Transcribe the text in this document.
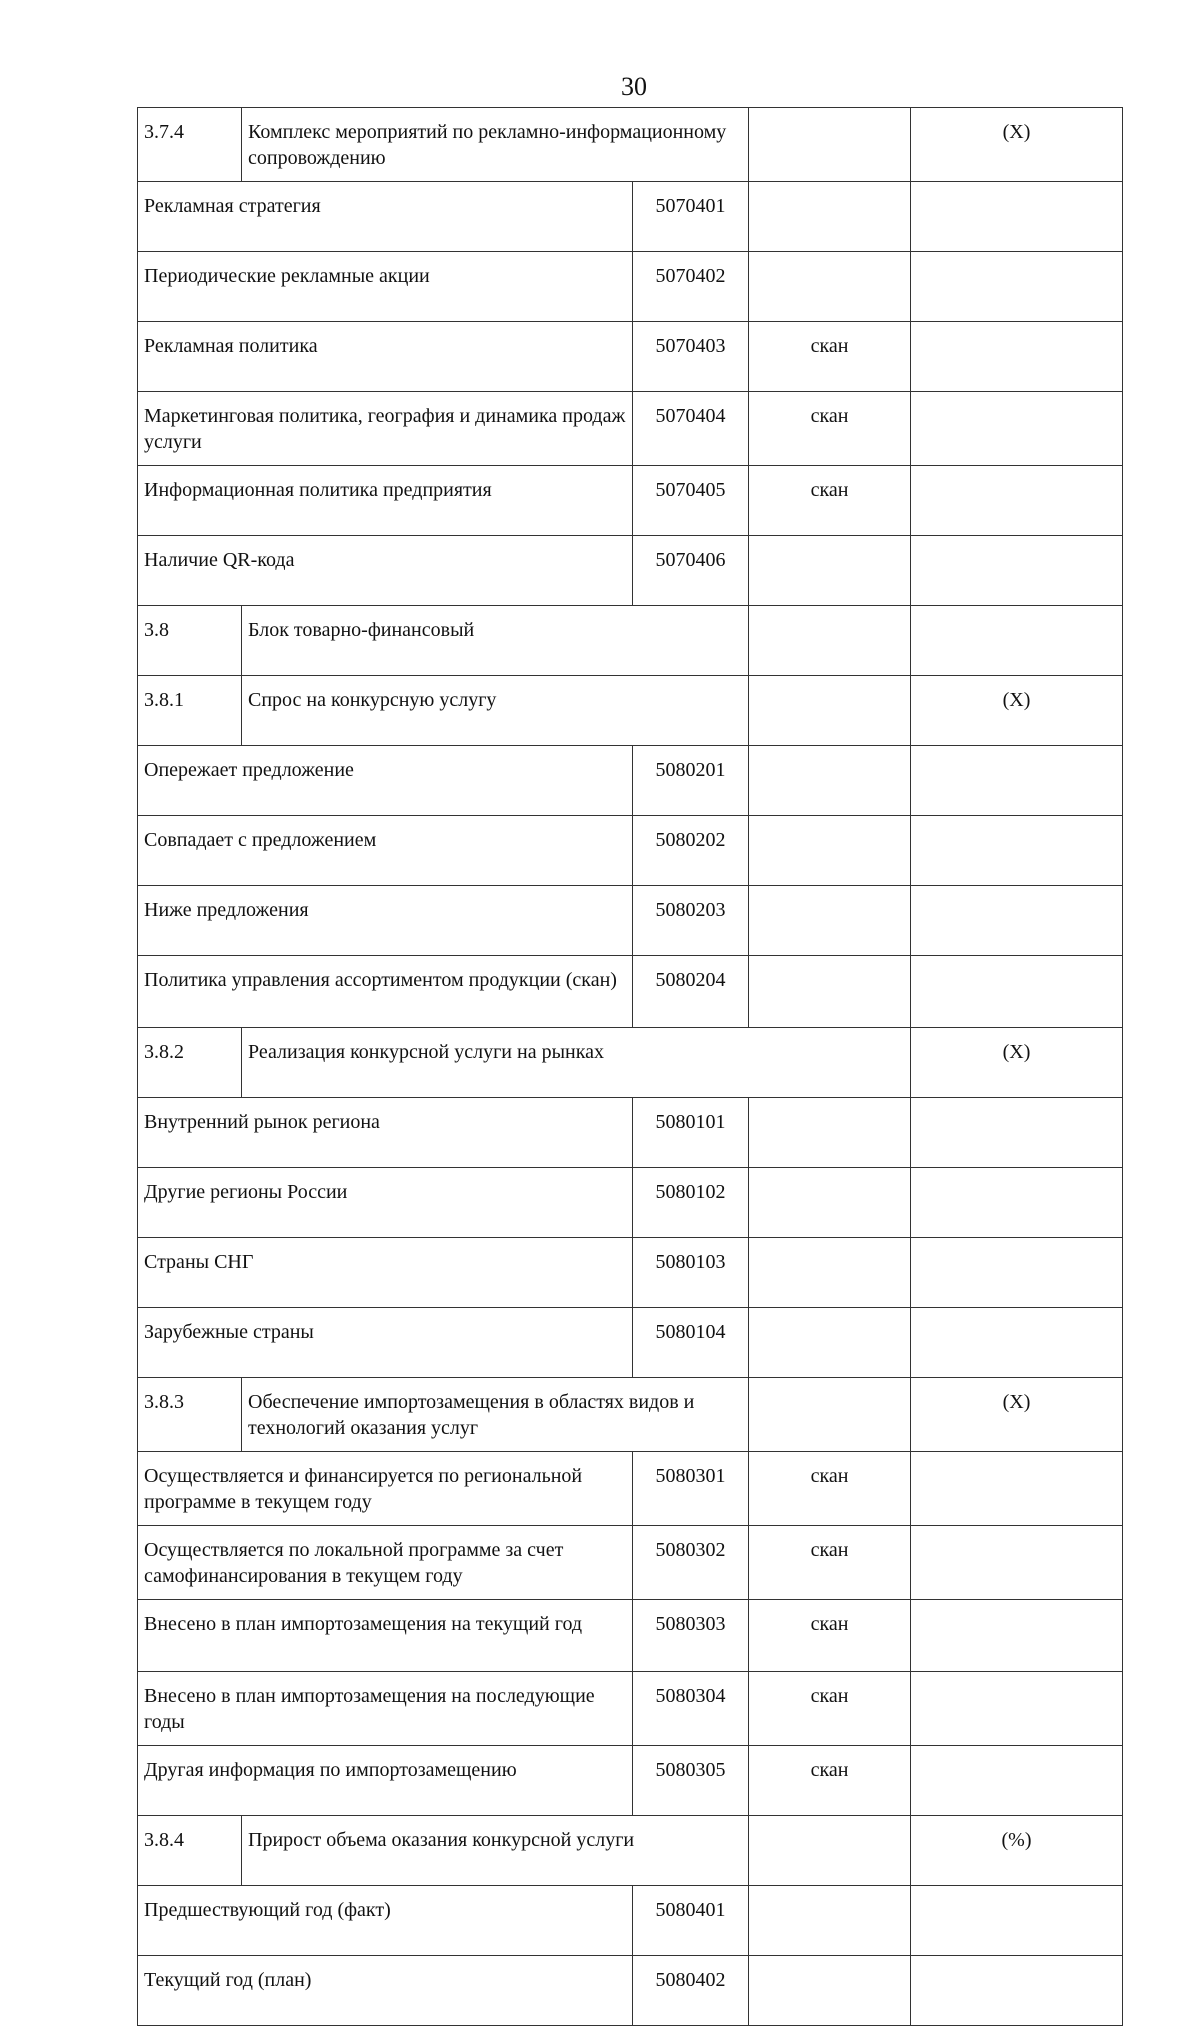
30
3.7.4	Комплекс мероприятий по рекламно-информационному сопровождению			(X)
Рекламная стратегия		5070401		
Периодические рекламные акции		5070402		
Рекламная политика		5070403	скан	
Маркетинговая политика, география и динамика продаж услуги		5070404	скан	
Информационная политика предприятия		5070405	скан	
Наличие QR-кода		5070406		
3.8	Блок товарно-финансовый			
3.8.1	Спрос на конкурсную услугу			(X)
Опережает предложение		5080201		
Совпадает с предложением		5080202		
Ниже предложения		5080203		
Политика управления ассортиментом продукции (скан)		5080204		
3.8.2	Реализация конкурсной услуги на рынках			(X)
Внутренний рынок региона		5080101		
Другие регионы России		5080102		
Страны СНГ		5080103		
Зарубежные страны		5080104		
3.8.3	Обеспечение импортозамещения в областях видов и технологий оказания услуг			(X)
Осуществляется и финансируется по региональной программе в текущем году		5080301	скан	
Осуществляется по локальной программе за счет самофинансирования в текущем году		5080302	скан	
Внесено в план импортозамещения на текущий год		5080303	скан	
Внесено в план импортозамещения на последующие годы		5080304	скан	
Другая информация по импортозамещению		5080305	скан	
3.8.4	Прирост объема оказания конкурсной услуги			(%)
Предшествующий год (факт)		5080401		
Текущий год (план)		5080402		
